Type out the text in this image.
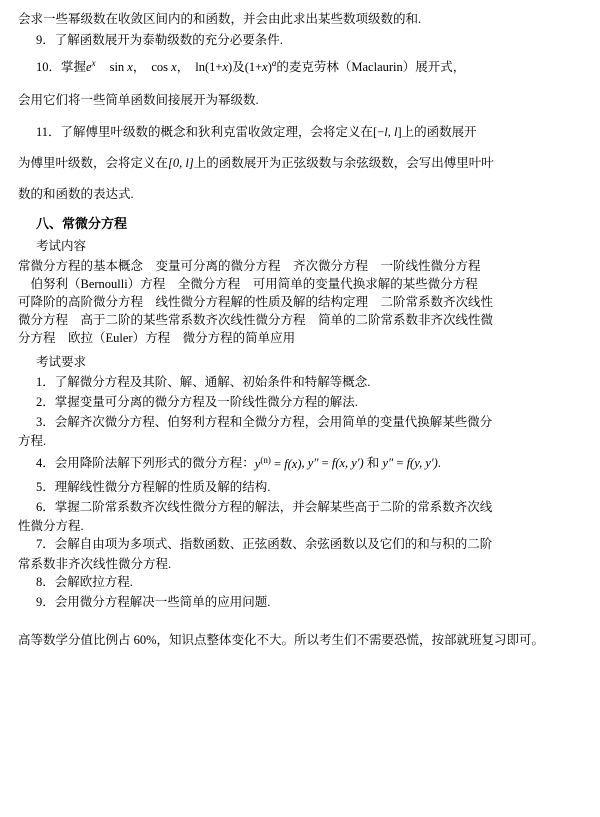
会求一些幂级数在收敛区间内的和函数，并会由此求出某些数项级数的和.

9．了解函数展开为泰勒级数的充分必要条件.

10．掌握$e^x$ sin x， cos x， ln(1+x)及$(1+x)^a$的麦克劳林（Maclaurin）展开式，

会用它们将一些简单函数间接展开为幂级数.

11．了解傅里叶级数的概念和狄利克雷收敛定理，会将定义在[−l, l]上的函数展开

为傅里叶级数，会将定义在[0, l]上的函数展开为正弦级数与余弦级数，会写出傅里叶叶

数的和函数的表达式.

八、常微分方程

考试内容

常微分方程的基本概念　变量可分离的微分方程　齐次微分方程　一阶线性微分方程

　伯努利（Bernoulli）方程　全微分方程　可用简单的变量代换求解的某些微分方程

可降阶的高阶微分方程　线性微分方程解的性质及解的结构定理　二阶常系数齐次线性

微分方程　高于二阶的某些常系数齐次线性微分方程　简单的二阶常系数非齐次线性微

分方程　欧拉（Euler）方程　微分方程的简单应用

考试要求

1．了解微分方程及其阶、解、通解、初始条件和特解等概念.

2．掌握变量可分离的微分方程及一阶线性微分方程的解法.

3．会解齐次微分方程、伯努利方程和全微分方程，会用简单的变量代换解某些微分

方程.

4．会用降阶法解下列形式的微分方程：$y^{(n)} = f(x)$, y″ = f(x, y′) 和 y″ = f(y, y′).

5．理解线性微分方程解的性质及解的结构.

6．掌握二阶常系数齐次线性微分方程的解法，并会解某些高于二阶的常系数齐次线

性微分方程.

7．会解自由项为多项式、指数函数、正弦函数、余弦函数以及它们的和与积的二阶

常系数非齐次线性微分方程.

8．会解欧拉方程.

9．会用微分方程解决一些简单的应用问题.

高等数学分值比例占 60%，知识点整体变化不大。所以考生们不需要恐慌，按部就班复习即可。
